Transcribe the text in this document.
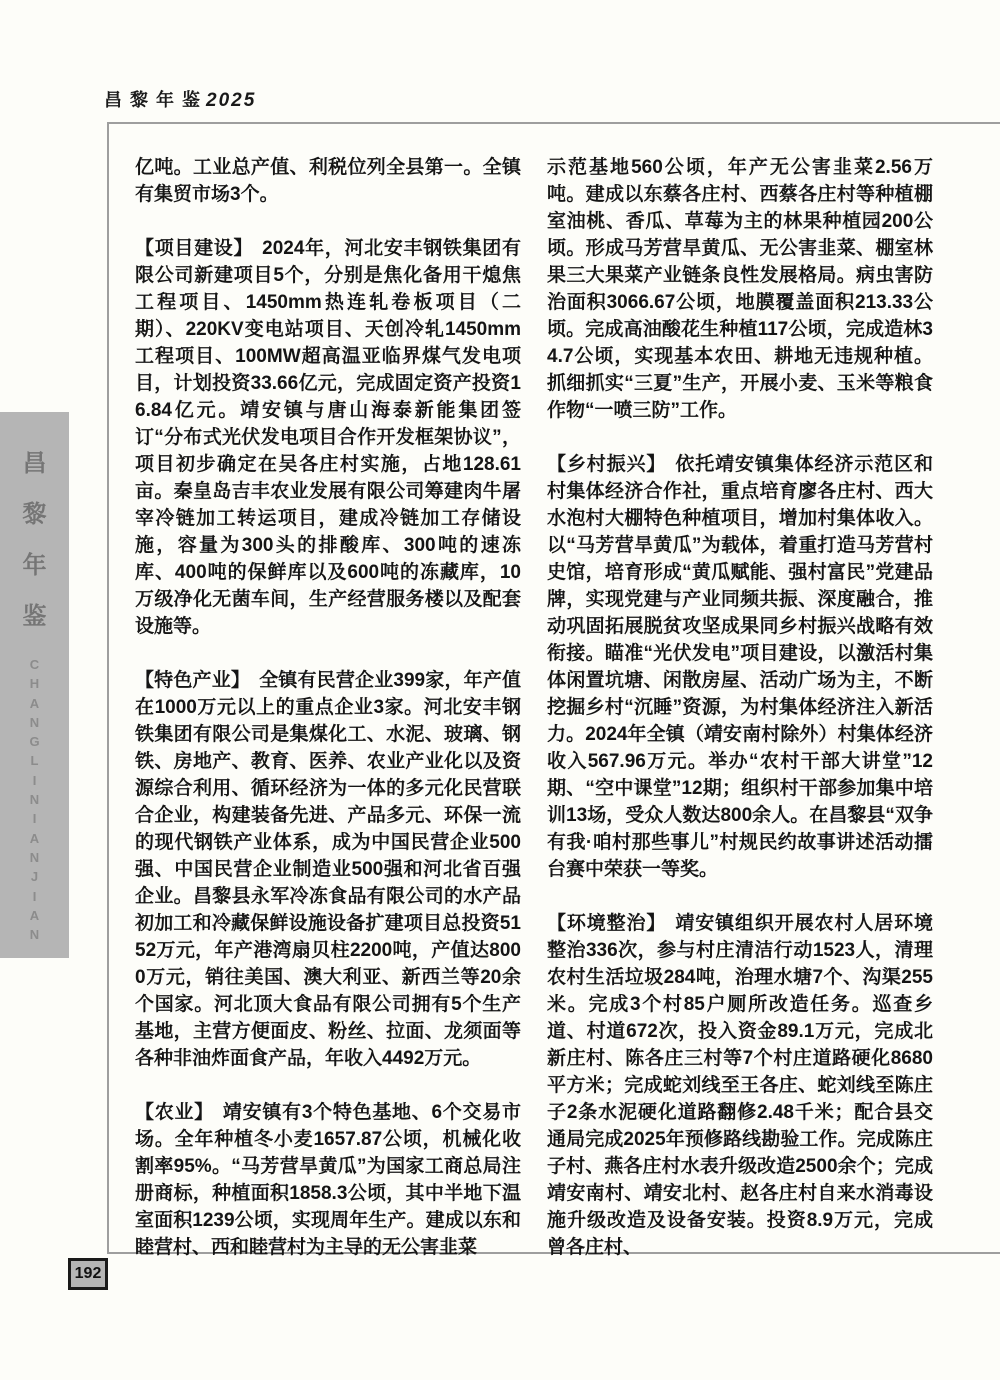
昌
黎
年
鉴
C
H
A
N
G
L
I
N
I
A
N
J
I
A
N
昌黎年鉴2025

亿吨。工业总产值、利税位列全县第一。全镇有集贸市场3个。

【项目建设】 2024年，河北安丰钢铁集团有限公司新建项目5个，分别是焦化备用干熄焦工程项目、1450mm热连轧卷板项目（二期）、220KV变电站项目、天创冷轧1450mm工程项目、100MW超高温亚临界煤气发电项目，计划投资33.66亿元，完成固定资产投资16.84亿元。靖安镇与唐山海泰新能集团签订“分布式光伏发电项目合作开发框架协议”，项目初步确定在吴各庄村实施，占地128.61亩。秦皇岛吉丰农业发展有限公司筹建肉牛屠宰冷链加工转运项目，建成冷链加工存储设施，容量为300头的排酸库、300吨的速冻库、400吨的保鲜库以及600吨的冻藏库，10万级净化无菌车间，生产经营服务楼以及配套设施等。

【特色产业】 全镇有民营企业399家，年产值在1000万元以上的重点企业3家。河北安丰钢铁集团有限公司是集煤化工、水泥、玻璃、钢铁、房地产、教育、医养、农业产业化以及资源综合利用、循环经济为一体的多元化民营联合企业，构建装备先进、产品多元、环保一流的现代钢铁产业体系，成为中国民营企业500强、中国民营企业制造业500强和河北省百强企业。昌黎县永军冷冻食品有限公司的水产品初加工和冷藏保鲜设施设备扩建项目总投资5152万元，年产港湾扇贝柱2200吨，产值达8000万元，销往美国、澳大利亚、新西兰等20余个国家。河北顶大食品有限公司拥有5个生产基地，主营方便面皮、粉丝、拉面、龙须面等各种非油炸面食产品，年收入4492万元。

【农业】 靖安镇有3个特色基地、6个交易市场。全年种植冬小麦1657.87公顷，机械化收割率95%。“马芳营旱黄瓜”为国家工商总局注册商标，种植面积1858.3公顷，其中半地下温室面积1239公顷，实现周年生产。建成以东和睦营村、西和睦营村为主导的无公害韭菜

示范基地560公顷，年产无公害韭菜2.56万吨。建成以东蔡各庄村、西蔡各庄村等种植棚室油桃、香瓜、草莓为主的林果种植园200公顷。形成马芳营旱黄瓜、无公害韭菜、棚室林果三大果菜产业链条良性发展格局。病虫害防治面积3066.67公顷，地膜覆盖面积213.33公顷。完成高油酸花生种植117公顷，完成造林34.7公顷，实现基本农田、耕地无违规种植。抓细抓实“三夏”生产，开展小麦、玉米等粮食作物“一喷三防”工作。

【乡村振兴】 依托靖安镇集体经济示范区和村集体经济合作社，重点培育廖各庄村、西大水泡村大棚特色种植项目，增加村集体收入。以“马芳营旱黄瓜”为载体，着重打造马芳营村史馆，培育形成“黄瓜赋能、强村富民”党建品牌，实现党建与产业同频共振、深度融合，推动巩固拓展脱贫攻坚成果同乡村振兴战略有效衔接。瞄准“光伏发电”项目建设，以激活村集体闲置坑塘、闲散房屋、活动广场为主，不断挖掘乡村“沉睡”资源，为村集体经济注入新活力。2024年全镇（靖安南村除外）村集体经济收入567.96万元。举办“农村干部大讲堂”12期、“空中课堂”12期；组织村干部参加集中培训13场，受众人数达800余人。在昌黎县“双争有我·咱村那些事儿”村规民约故事讲述活动擂台赛中荣获一等奖。

【环境整治】 靖安镇组织开展农村人居环境整治336次，参与村庄清洁行动1523人，清理农村生活垃圾284吨，治理水塘7个、沟渠255米。完成3个村85户厕所改造任务。巡查乡道、村道672次，投入资金89.1万元，完成北新庄村、陈各庄三村等7个村庄道路硬化8680平方米；完成蛇刘线至王各庄、蛇刘线至陈庄子2条水泥硬化道路翻修2.48千米；配合县交通局完成2025年预修路线勘验工作。完成陈庄子村、燕各庄村水表升级改造2500余个；完成靖安南村、靖安北村、赵各庄村自来水消毒设施升级改造及设备安装。投资8.9万元，完成曾各庄村、

192
